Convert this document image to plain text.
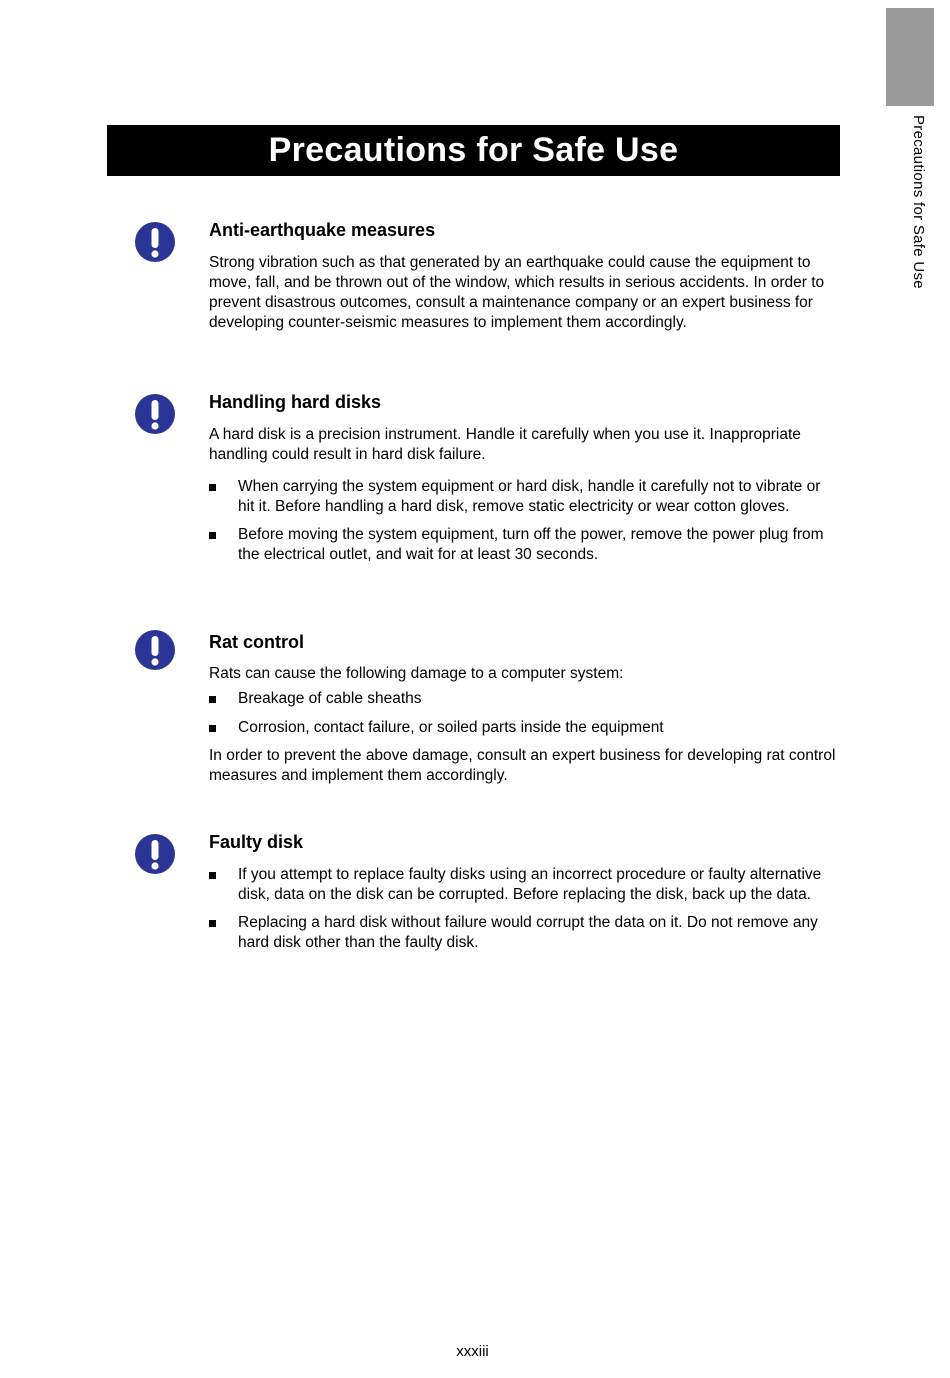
Precautions for Safe Use
Precautions for Safe Use
Anti-earthquake measures

Strong vibration such as that generated by an earthquake could cause the equipment to move, fall, and be thrown out of the window, which results in serious accidents. In order to prevent disastrous outcomes, consult a maintenance company or an expert business for developing counter-seismic measures to implement them accordingly.

Handling hard disks

A hard disk is a precision instrument. Handle it carefully when you use it. Inappropriate handling could result in hard disk failure.

When carrying the system equipment or hard disk, handle it carefully not to vibrate or hit it. Before handling a hard disk, remove static electricity or wear cotton gloves.
Before moving the system equipment, turn off the power, remove the power plug from the electrical outlet, and wait for at least 30 seconds.
Rat control

Rats can cause the following damage to a computer system:

Breakage of cable sheaths
Corrosion, contact failure, or soiled parts inside the equipment

In order to prevent the above damage, consult an expert business for developing rat control measures and implement them accordingly.

Faulty disk
If you attempt to replace faulty disks using an incorrect procedure or faulty alternative disk, data on the disk can be corrupted. Before replacing the disk, back up the data.
Replacing a hard disk without failure would corrupt the data on it. Do not remove any hard disk other than the faulty disk.
xxxiii
